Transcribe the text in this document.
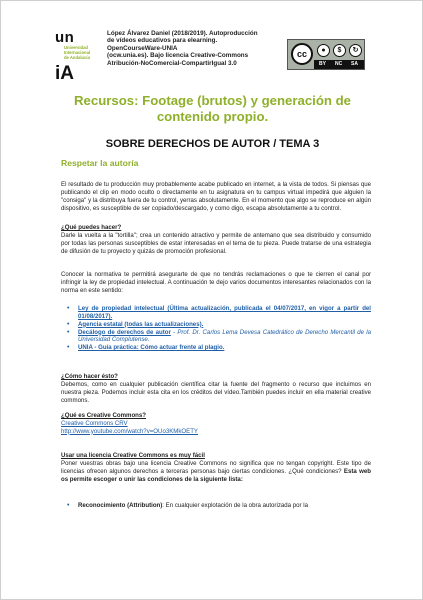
un
Universidad
Internacional
de Andalucía
iA
López Álvarez Daniel (2018/2019). Autoproducción
de vídeos educativos para elearning.
OpenCourseWare-UNIA
(ocw.unia.es). Bajo licencia Creative-Commons
Atribución-NoComercial-CompartirIgual 3.0
cc	●	$	↻
BY NC SA
Recursos: Footage (brutos) y generación de
contenido propio.
SOBRE DERECHOS DE AUTOR / TEMA 3
Respetar la autoría

El resultado de tu producción muy probablemente acabe publicado en internet, a la vista de todos. Si piensas que publicando el clip en modo oculto o directamente en tu asignatura en tu campus virtual impedirá que alguien la "consiga" y la distribuya fuera de tu control, yerras absolutamente. En el momento que algo se reproduce en algún dispositivo, es susceptible de ser copiado/descargado, y como digo, escapa absolutamente a tu control.

¿Qué puedes hacer?

Darle la vuelta a la "tortilla"; crea un contenido atractivo y permite de antemano que sea distribuido y consumido por todas las personas susceptibles de estar interesadas en el tema de tu pieza. Puede tratarse de una estrategia de difusión de tu proyecto y quizás de promoción profesional.

Conocer la normativa te permitirá asegurarte de que no tendrás reclamaciones o que te cierren el canal por infringir la ley de propiedad intelectual. A continuación te dejo varios documentos interesantes relacionados con la norma en este sentido:

• Ley de propiedad intelectual (Última actualización, publicada el 04/07/2017, en vigor a partir del 01/08/2017).
• Agencia estatal (todas las actualizaciones).
• Decálogo de derechos de autor - Prof. Dr. Carlos Lema Devesa Catedrático de Derecho Mercantil de la Universidad Complutense.
• UNIA - Guía práctica: Cómo actuar frente al plagio.

¿Cómo hacer ésto?

Debemos, como en cualquier publicación científica citar la fuente del fragmento o recurso que incluimos en nuestra pieza. Podemos incluir esta cita en los créditos del vídeo.También puedes incluir en ella material creative commons.

¿Qué es Creative Commons?

Creative Commons CRV

http://www.youtube.com/watch?v=OUo3KMkOETY

Usar una licencia Creative Commons es muy fácil

Poner vuestras obras bajo una licencia Creative Commons no significa que no tengan copyright. Este tipo de licencias ofrecen algunos derechos a terceras personas bajo ciertas condiciones. ¿Qué condiciones? Esta web os permite escoger o unir las condiciones de la siguiente lista:

• Reconocimiento (Attribution): En cualquier explotación de la obra autorizada por la
